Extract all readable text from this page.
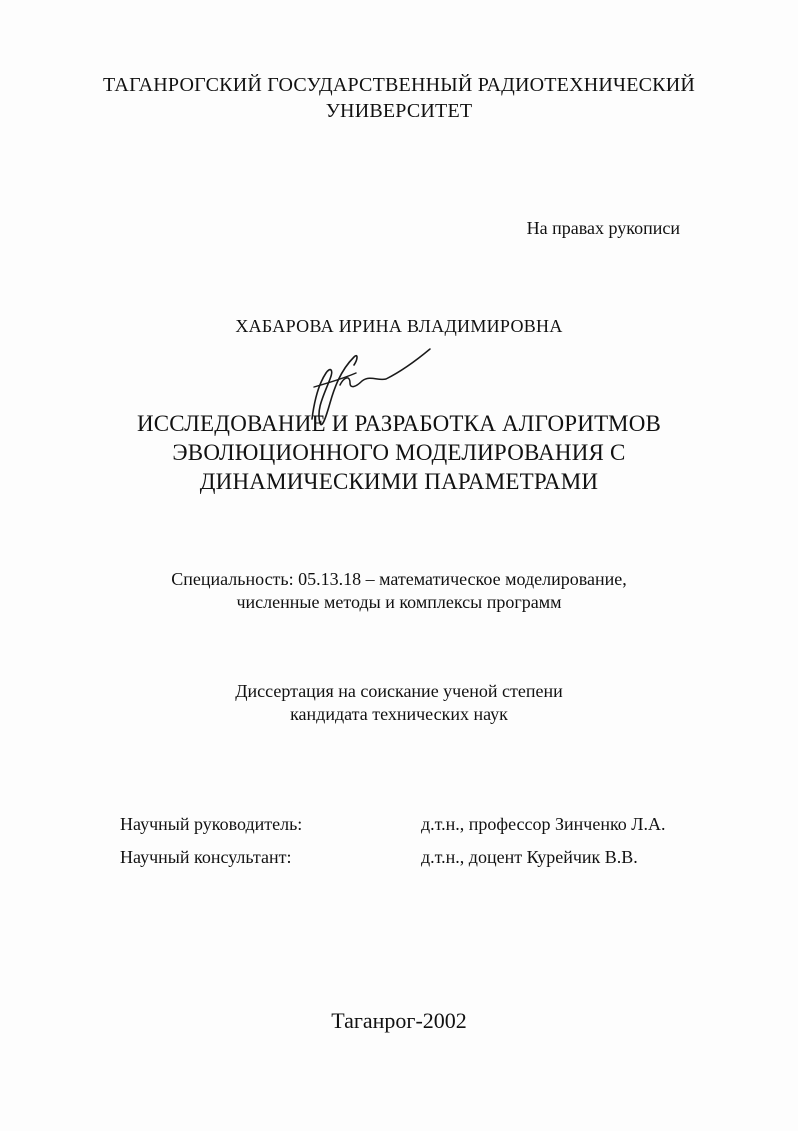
ТАГАНРОГСКИЙ ГОСУДАРСТВЕННЫЙ РАДИОТЕХНИЧЕСКИЙ
УНИВЕРСИТЕТ
На правах рукописи
ХАБАРОВА ИРИНА ВЛАДИМИРОВНА
ИССЛЕДОВАНИЕ И РАЗРАБОТКА АЛГОРИТМОВ
ЭВОЛЮЦИОННОГО МОДЕЛИРОВАНИЯ С
ДИНАМИЧЕСКИМИ ПАРАМЕТРАМИ
Специальность: 05.13.18 – математическое моделирование,
численные методы и комплексы программ
Диссертация на соискание ученой степени
кандидата технических наук
Научный руководитель:	д.т.н., профессор Зинченко Л.А.
Научный консультант:	д.т.н., доцент Курейчик В.В.
Таганрог-2002
